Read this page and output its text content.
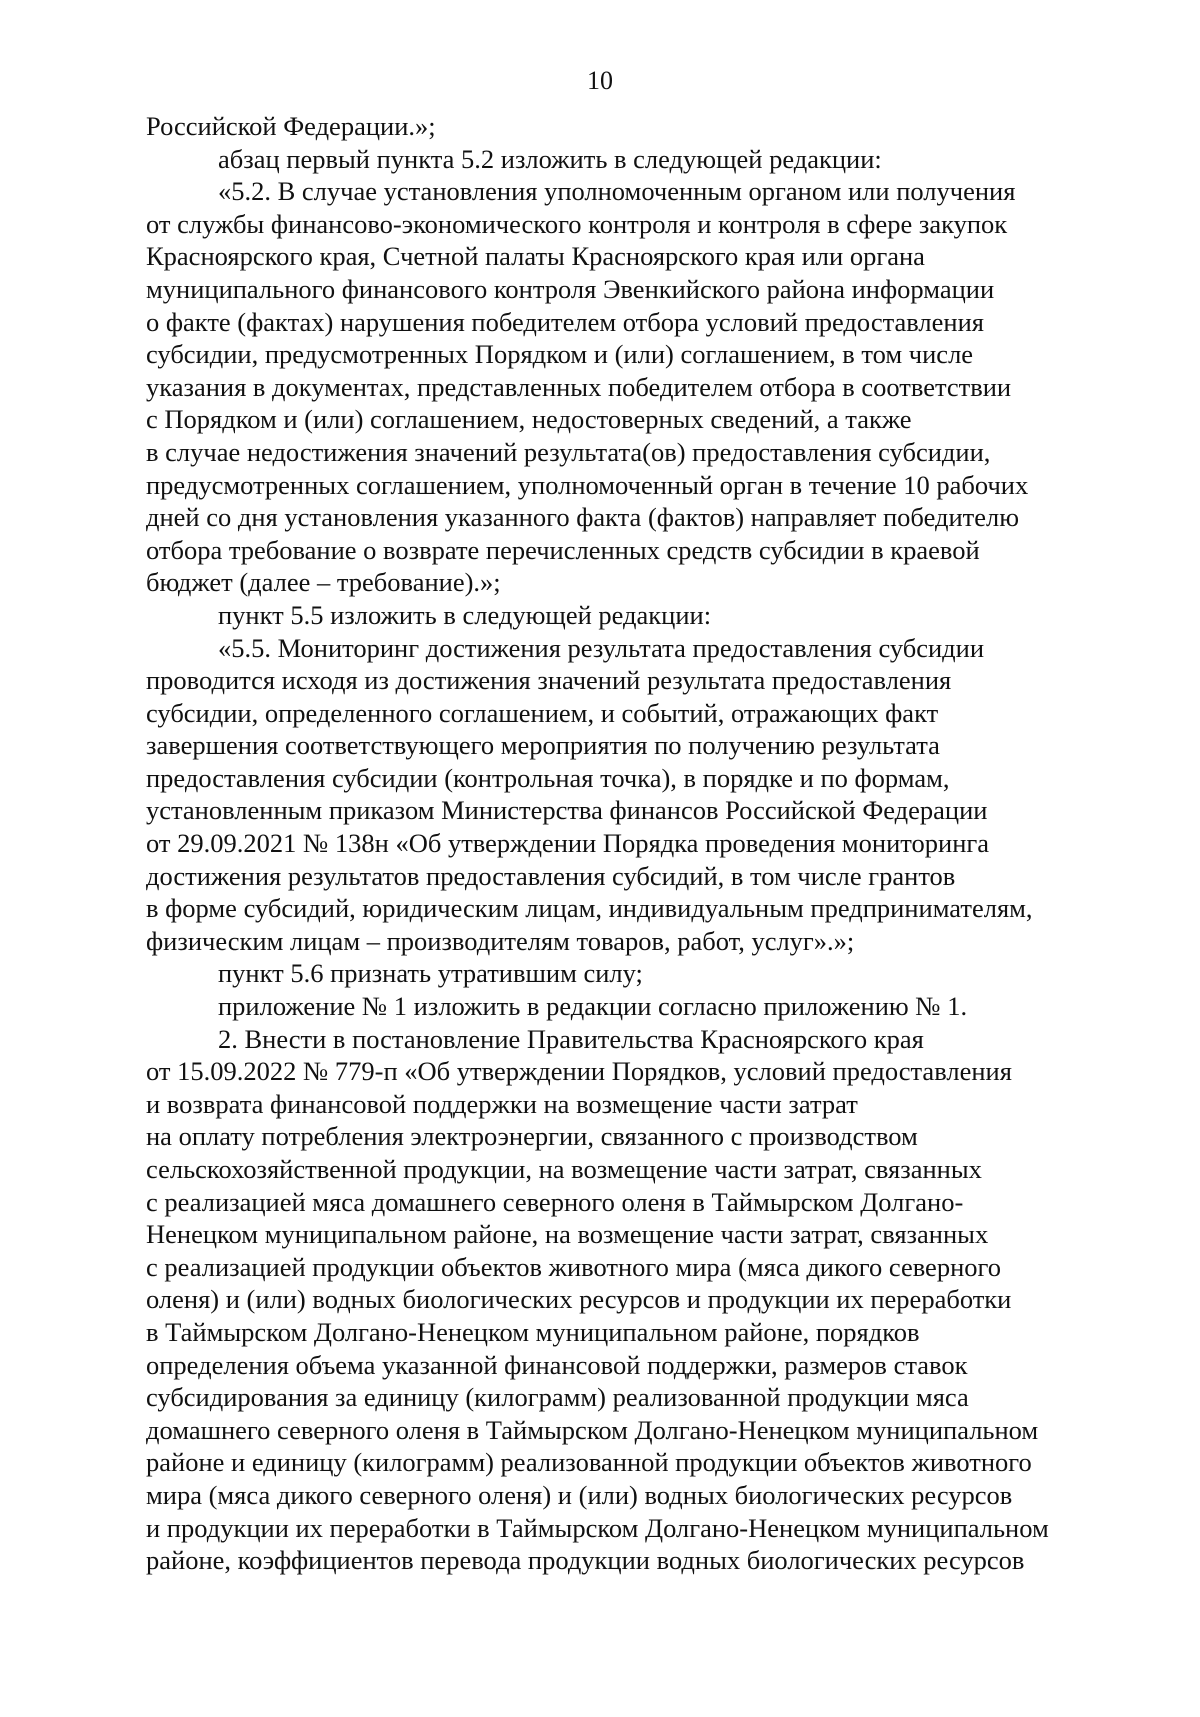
10
Российской Федерации.»;
абзац первый пункта 5.2 изложить в следующей редакции:
«5.2. В случае установления уполномоченным органом или получения
от службы финансово-экономического контроля и контроля в сфере закупок
Красноярского края, Счетной палаты Красноярского края или органа
муниципального финансового контроля Эвенкийского района информации
о факте (фактах) нарушения победителем отбора условий предоставления
субсидии, предусмотренных Порядком и (или) соглашением, в том числе
указания в документах, представленных победителем отбора в соответствии
с Порядком и (или) соглашением, недостоверных сведений, а также
в случае недостижения значений результата(ов) предоставления субсидии,
предусмотренных соглашением, уполномоченный орган в течение 10 рабочих
дней со дня установления указанного факта (фактов) направляет победителю
отбора требование о возврате перечисленных средств субсидии в краевой
бюджет (далее – требование).»;
пункт 5.5 изложить в следующей редакции:
«5.5. Мониторинг достижения результата предоставления субсидии
проводится исходя из достижения значений результата предоставления
субсидии, определенного соглашением, и событий, отражающих факт
завершения соответствующего мероприятия по получению результата
предоставления субсидии (контрольная точка), в порядке и по формам,
установленным приказом Министерства финансов Российской Федерации
от 29.09.2021 № 138н «Об утверждении Порядка проведения мониторинга
достижения результатов предоставления субсидий, в том числе грантов
в форме субсидий, юридическим лицам, индивидуальным предпринимателям,
физическим лицам – производителям товаров, работ, услуг».»;
пункт 5.6 признать утратившим силу;
приложение № 1 изложить в редакции согласно приложению № 1.
2. Внести в постановление Правительства Красноярского края
от 15.09.2022 № 779-п «Об утверждении Порядков, условий предоставления
и возврата финансовой поддержки на возмещение части затрат
на оплату потребления электроэнергии, связанного с производством
сельскохозяйственной продукции, на возмещение части затрат, связанных
с реализацией мяса домашнего северного оленя в Таймырском Долгано-
Ненецком муниципальном районе, на возмещение части затрат, связанных
с реализацией продукции объектов животного мира (мяса дикого северного
оленя) и (или) водных биологических ресурсов и продукции их переработки
в Таймырском Долгано-Ненецком муниципальном районе, порядков
определения объема указанной финансовой поддержки, размеров ставок
субсидирования за единицу (килограмм) реализованной продукции мяса
домашнего северного оленя в Таймырском Долгано-Ненецком муниципальном
районе и единицу (килограмм) реализованной продукции объектов животного
мира (мяса дикого северного оленя) и (или) водных биологических ресурсов
и продукции их переработки в Таймырском Долгано-Ненецком муниципальном
районе, коэффициентов перевода продукции водных биологических ресурсов
